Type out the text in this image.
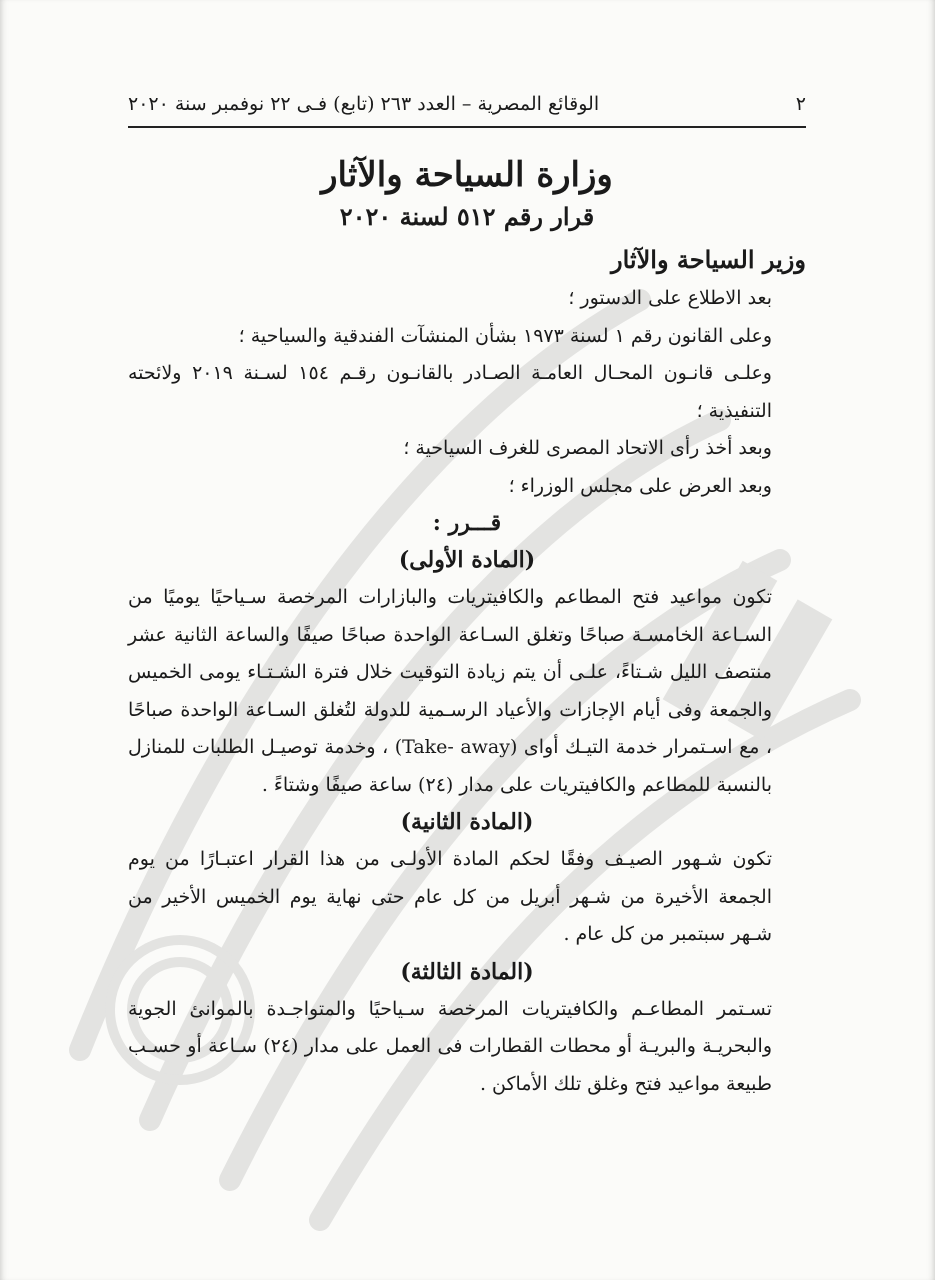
٢
الوقائع المصرية – العدد ٢٦٣ (تابع) فـى ٢٢ نوفمبر سنة ٢٠٢٠
وزارة السياحة والآثار
قرار رقم ٥١٢ لسنة ٢٠٢٠
وزير السياحة والآثار

بعد الاطلاع على الدستور ؛

وعلى القانون رقم ١ لسنة ١٩٧٣ بشأن المنشآت الفندقية والسياحية ؛

وعلـى قانـون المحـال العامـة الصـادر بالقانـون رقـم ١٥٤ لسـنة ٢٠١٩ ولائحته التنفيذية ؛

وبعد أخذ رأى الاتحاد المصرى للغرف السياحية ؛

وبعد العرض على مجلس الوزراء ؛

قـــرر :
(المادة الأولى)

تكون مواعيد فتح المطاعم والكافيتريات والبازارات المرخصة سـياحيًا يوميًا من السـاعة الخامسـة صباحًا وتغلق السـاعة الواحدة صباحًا صيفًا والساعة الثانية عشر منتصف الليل شـتاءً، علـى أن يتم زيادة التوقيت خلال فترة الشـتـاء يومى الخميس والجمعة وفى أيام الإجازات والأعياد الرسـمية للدولة لتُغلق السـاعة الواحدة صباحًا ، مع اسـتمرار خدمة التيـك أواى (Take- away) ، وخدمة توصيـل الطلبات للمنازل بالنسبة للمطاعم والكافيتريات على مدار (٢٤) ساعة صيفًا وشتاءً .

(المادة الثانية)

تكون شـهور الصيـف وفقًا لحكم المادة الأولـى من هذا القرار اعتبـارًا من يوم الجمعة الأخيرة من شـهر أبريل من كل عام حتى نهاية يوم الخميس الأخير من شـهر سبتمبر من كل عام .

(المادة الثالثة)

تسـتمر المطاعـم والكافيتريات المرخصة سـياحيًا والمتواجـدة بالموانئ الجوية والبحريـة والبريـة أو محطات القطارات فى العمل على مدار (٢٤) سـاعة أو حسـب طبيعة مواعيد فتح وغلق تلك الأماكن .
